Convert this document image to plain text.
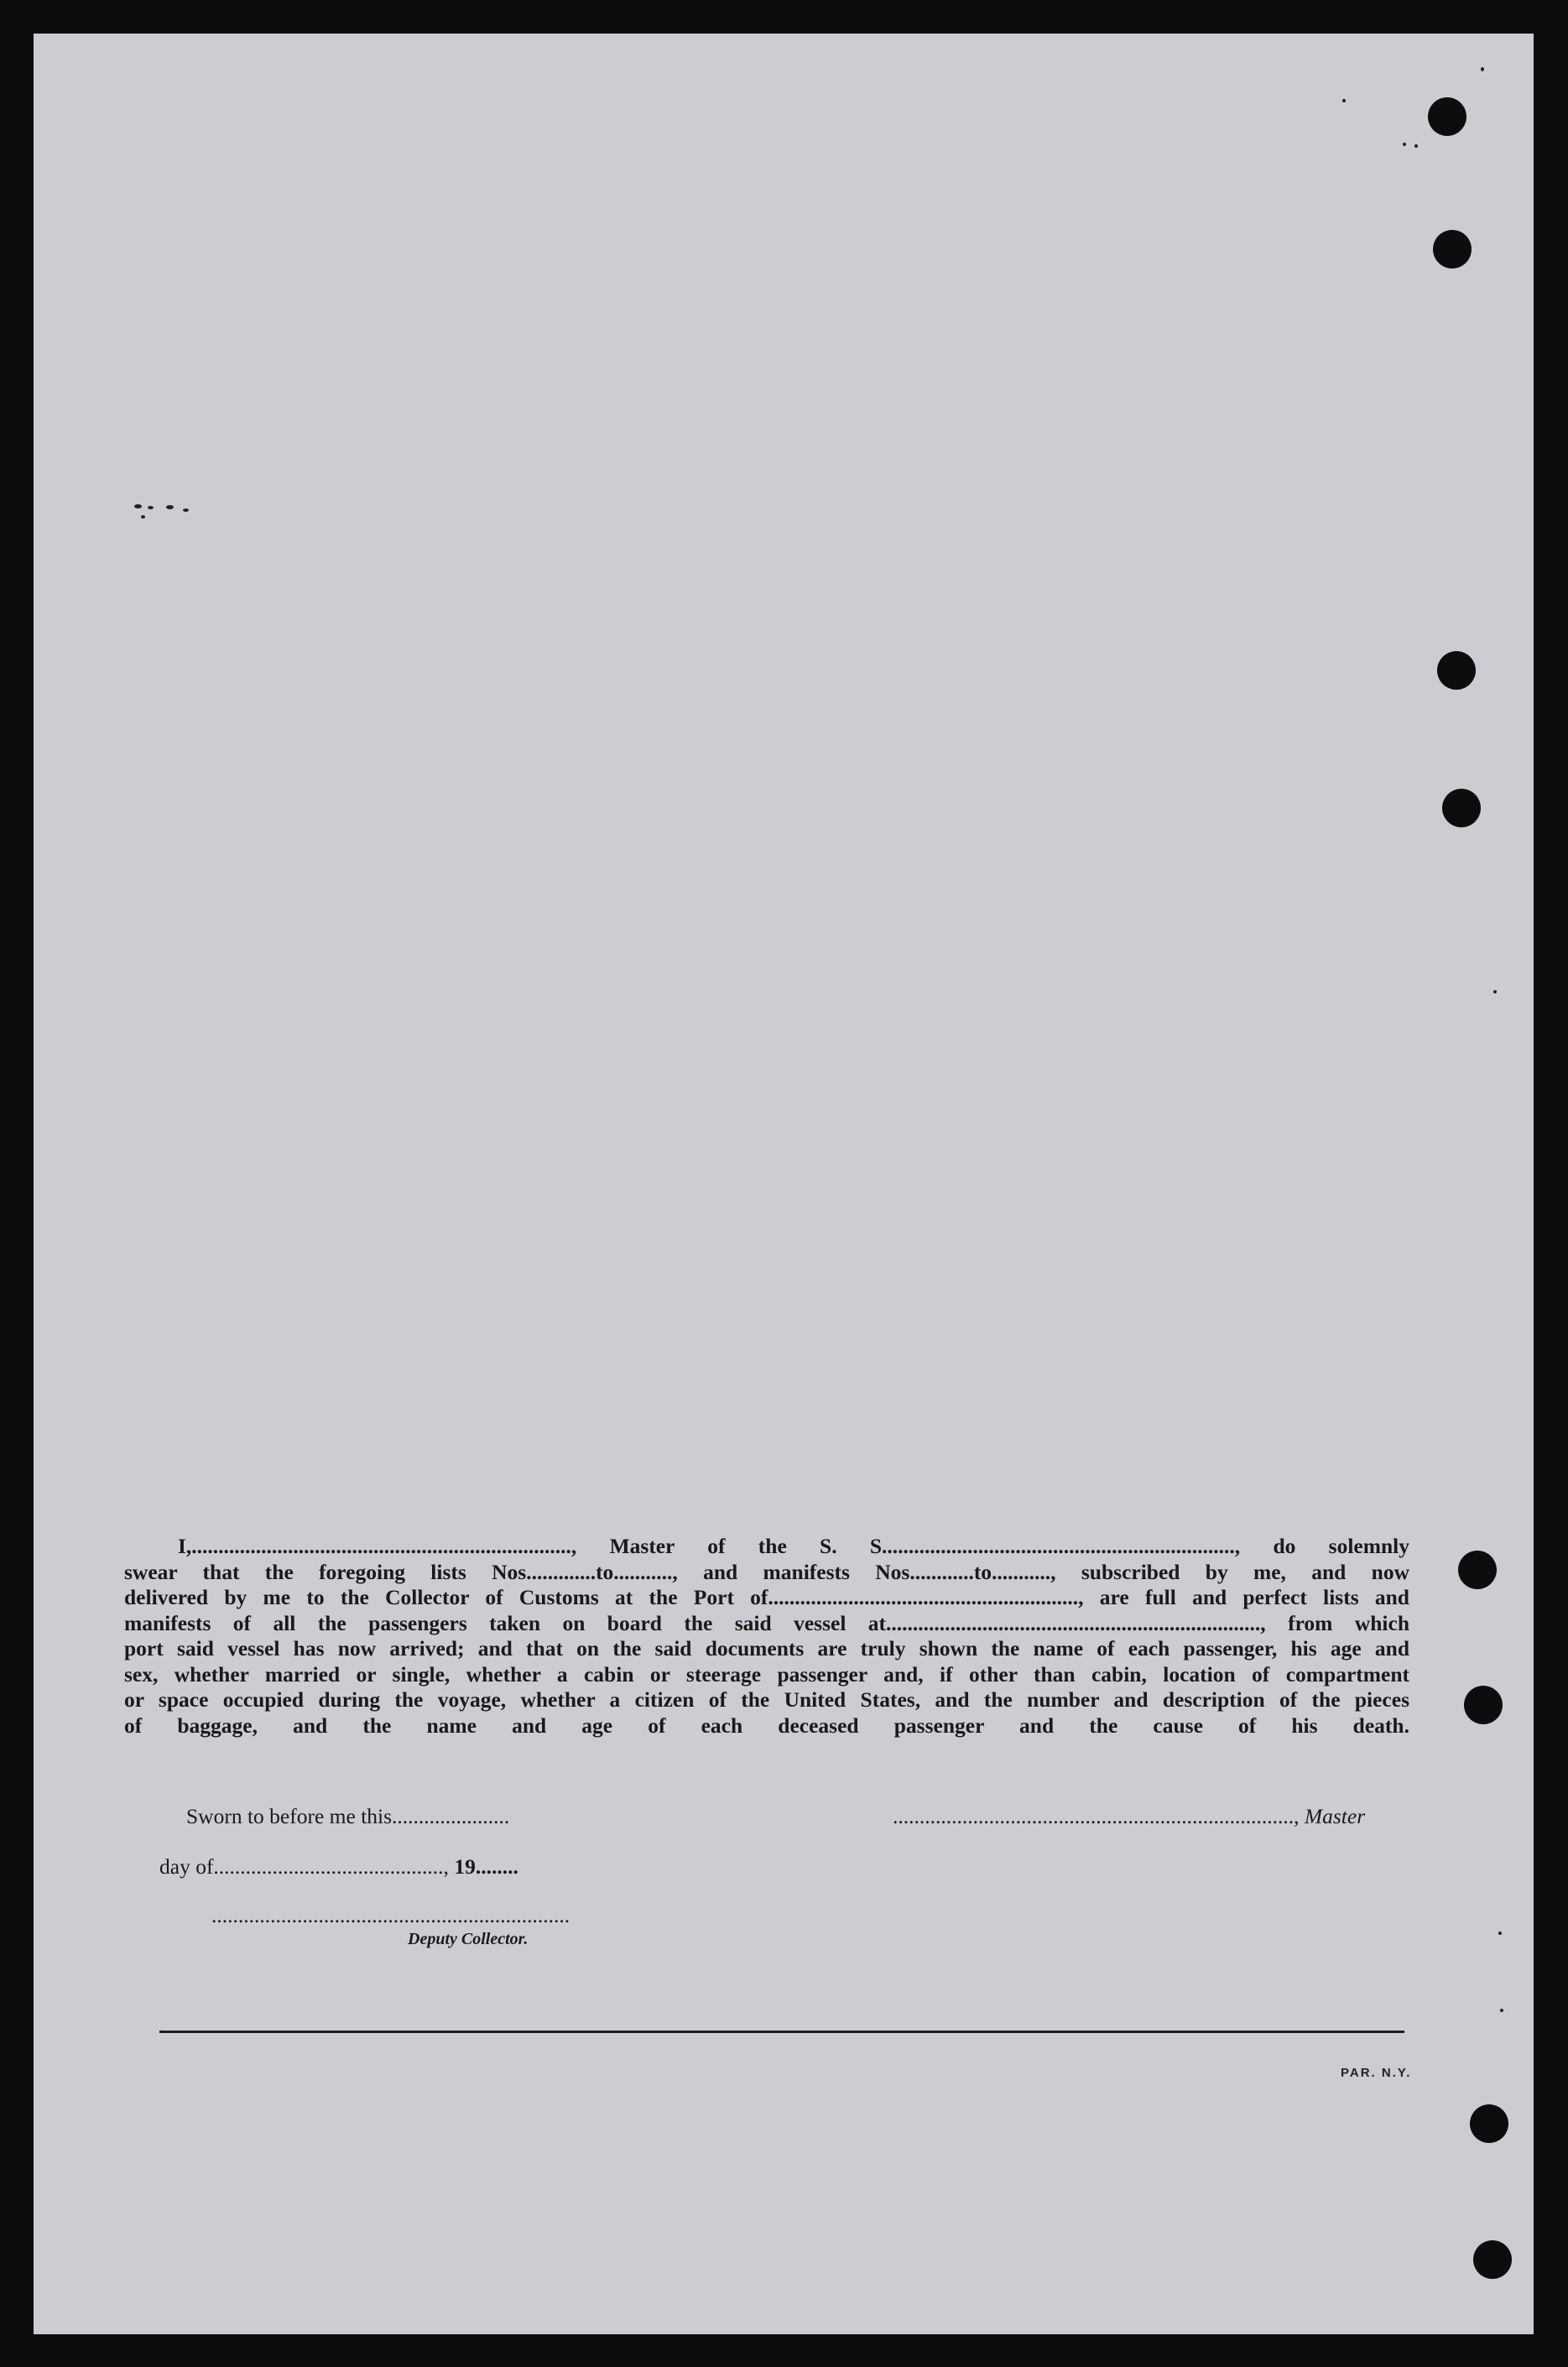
I,......................................................................., Master of the S. S.................................................................., do solemnly
swear that the foregoing lists Nos.............to..........., and manifests Nos............to..........., subscribed by me, and now
delivered by me to the Collector of Customs at the Port of.........................................................., are full and perfect lists and
manifests of all the passengers taken on board the said vessel at......................................................................, from which
port said vessel has now arrived; and that on the said documents are truly shown the name of each passenger, his age and
sex, whether married or single, whether a cabin or steerage passenger and, if other than cabin, location of compartment
or space occupied during the voyage, whether a citizen of the United States, and the number and description of the pieces
of baggage, and the name and age of each deceased passenger and the cause of his death.
Sworn to before me this......................	..........................................................................., Master
day of..........................................., 19........
...................................................................
Deputy Collector.
PAR. N.Y.
